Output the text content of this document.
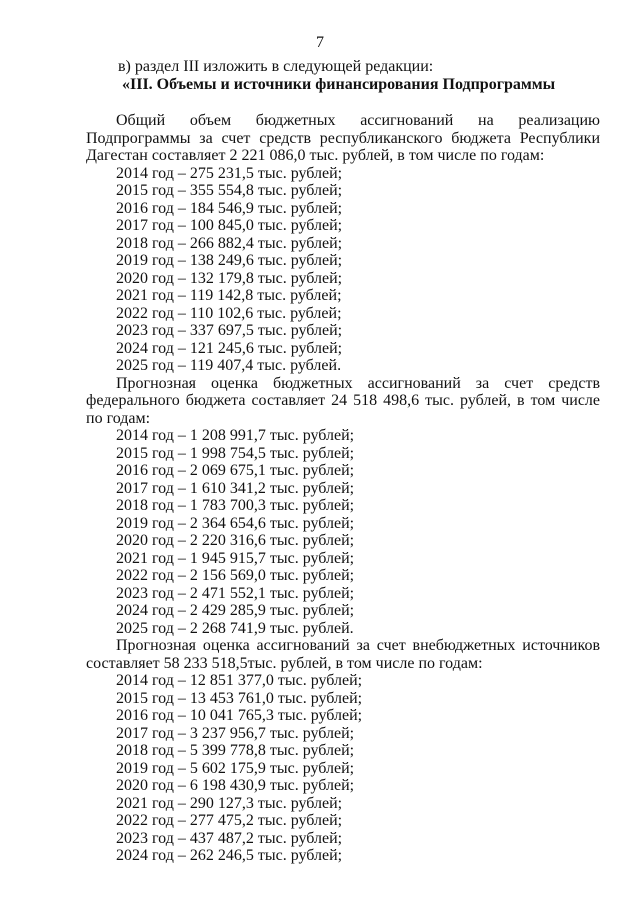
7
в) раздел III изложить в следующей редакции:
«III. Объемы и источники финансирования Подпрограммы

Общий объем бюджетных ассигнований на реализацию Подпрограммы за счет средств республиканского бюджета Республики Дагестан составляет 2 221 086,0 тыс. рублей, в том числе по годам:

2014 год – 275 231,5 тыс. рублей;
2015 год – 355 554,8 тыс. рублей;
2016 год – 184 546,9 тыс. рублей;
2017 год – 100 845,0 тыс. рублей;
2018 год – 266 882,4 тыс. рублей;
2019 год – 138 249,6 тыс. рублей;
2020 год – 132 179,8 тыс. рублей;
2021 год – 119 142,8 тыс. рублей;
2022 год – 110 102,6 тыс. рублей;
2023 год – 337 697,5 тыс. рублей;
2024 год – 121 245,6 тыс. рублей;
2025 год – 119 407,4 тыс. рублей.

Прогнозная оценка бюджетных ассигнований за счет средств федерального бюджета составляет 24 518 498,6 тыс. рублей, в том числе по годам:

2014 год – 1 208 991,7 тыс. рублей;
2015 год – 1 998 754,5 тыс. рублей;
2016 год – 2 069 675,1 тыс. рублей;
2017 год – 1 610 341,2 тыс. рублей;
2018 год – 1 783 700,3 тыс. рублей;
2019 год – 2 364 654,6 тыс. рублей;
2020 год – 2 220 316,6 тыс. рублей;
2021 год – 1 945 915,7 тыс. рублей;
2022 год – 2 156 569,0 тыс. рублей;
2023 год – 2 471 552,1 тыс. рублей;
2024 год – 2 429 285,9 тыс. рублей;
2025 год – 2 268 741,9 тыс. рублей.

Прогнозная оценка ассигнований за счет внебюджетных источников составляет 58 233 518,5тыс. рублей, в том числе по годам:

2014 год – 12 851 377,0 тыс. рублей;
2015 год – 13 453 761,0 тыс. рублей;
2016 год – 10 041 765,3 тыс. рублей;
2017 год – 3 237 956,7 тыс. рублей;
2018 год – 5 399 778,8 тыс. рублей;
2019 год – 5 602 175,9 тыс. рублей;
2020 год – 6 198 430,9 тыс. рублей;
2021 год – 290 127,3 тыс. рублей;
2022 год – 277 475,2 тыс. рублей;
2023 год – 437 487,2 тыс. рублей;
2024 год – 262 246,5 тыс. рублей;
